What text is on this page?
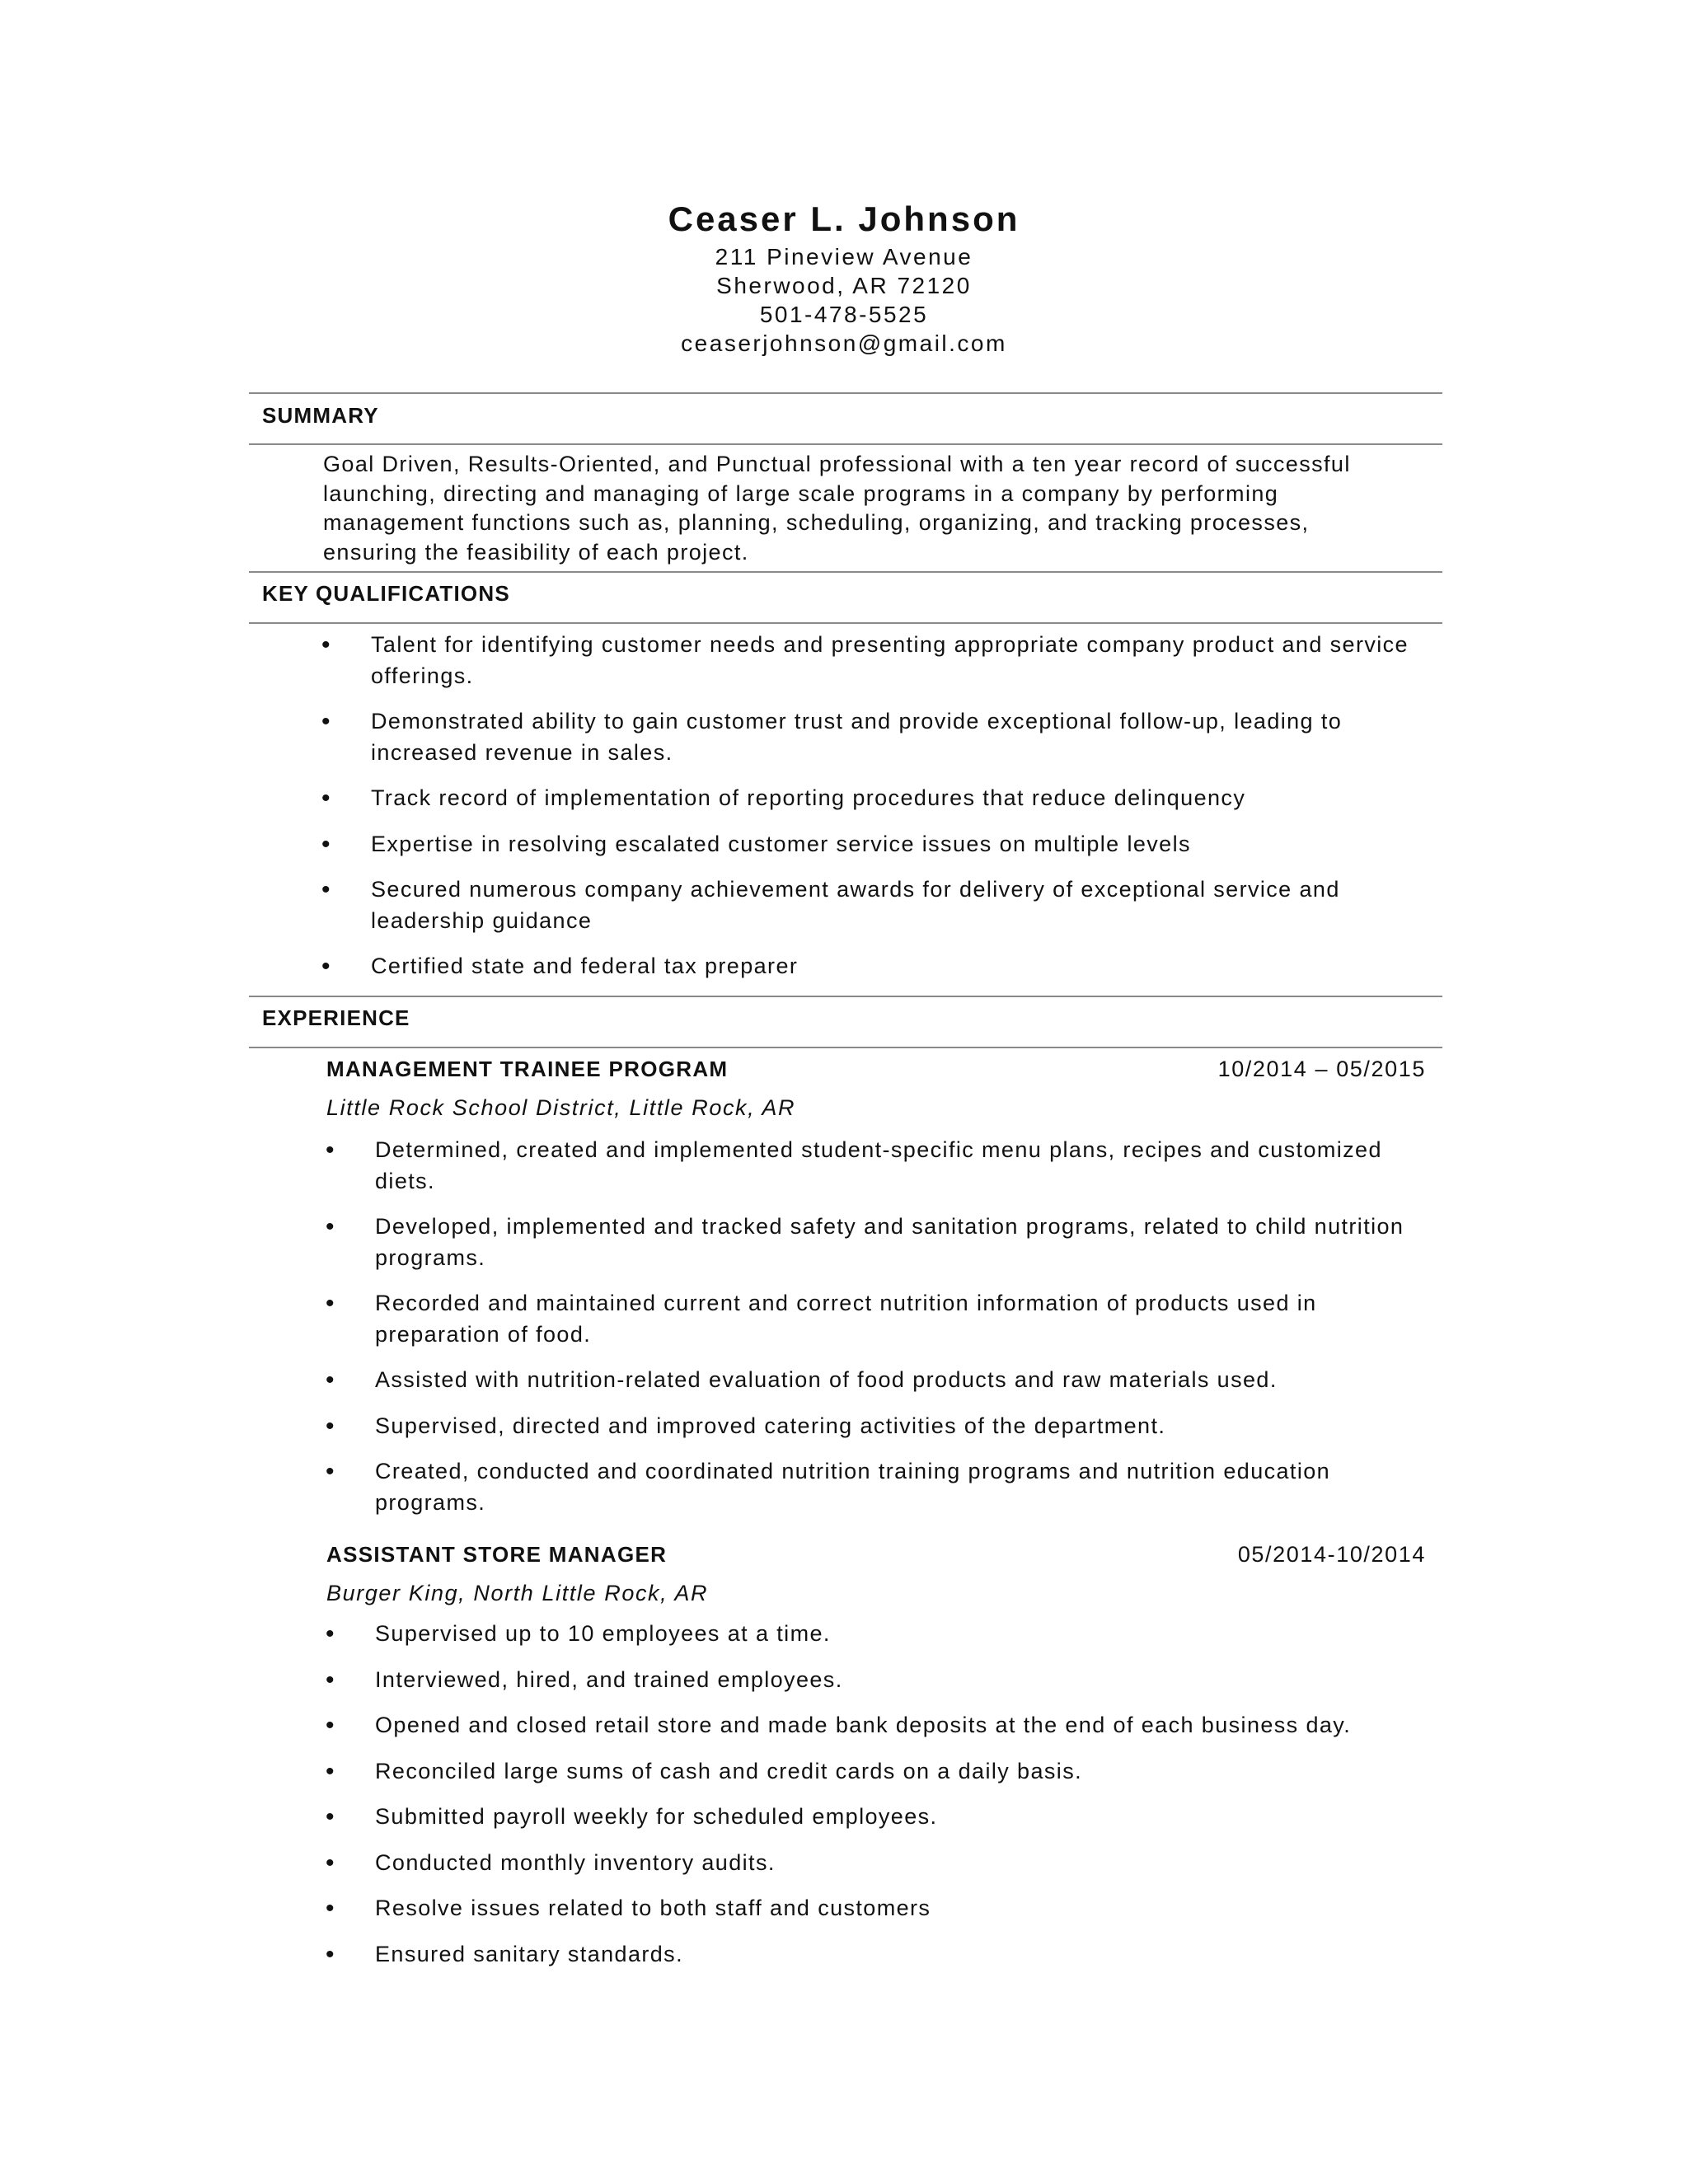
Ceaser L. Johnson

211 Pineview Avenue

Sherwood, AR 72120

501-478-5525

ceaserjohnson@gmail.com

SUMMARY
Goal Driven, Results-Oriented, and Punctual professional with a ten year record of successful launching, directing and managing of large scale programs in a company by performing management functions such as, planning, scheduling, organizing, and tracking processes, ensuring the feasibility of each project.
KEY QUALIFICATIONS
• Talent for identifying customer needs and presenting appropriate company product and service offerings.
• Demonstrated ability to gain customer trust and provide exceptional follow-up, leading to increased revenue in sales.
• Track record of implementation of reporting procedures that reduce delinquency
• Expertise in resolving escalated customer service issues on multiple levels
• Secured numerous company achievement awards for delivery of exceptional service and leadership guidance
• Certified state and federal tax preparer
EXPERIENCE
MANAGEMENT TRAINEE PROGRAM	10/2014 – 05/2015
Little Rock School District, Little Rock, AR
• Determined, created and implemented student-specific menu plans, recipes and customized diets.
• Developed, implemented and tracked safety and sanitation programs, related to child nutrition programs.
• Recorded and maintained current and correct nutrition information of products used in preparation of food.
• Assisted with nutrition-related evaluation of food products and raw materials used.
• Supervised, directed and improved catering activities of the department.
• Created, conducted and coordinated nutrition training programs and nutrition education programs.
ASSISTANT STORE MANAGER	05/2014-10/2014
Burger King, North Little Rock, AR
• Supervised up to 10 employees at a time.
• Interviewed, hired, and trained employees.
• Opened and closed retail store and made bank deposits at the end of each business day.
• Reconciled large sums of cash and credit cards on a daily basis.
• Submitted payroll weekly for scheduled employees.
• Conducted monthly inventory audits.
• Resolve issues related to both staff and customers
• Ensured sanitary standards.
